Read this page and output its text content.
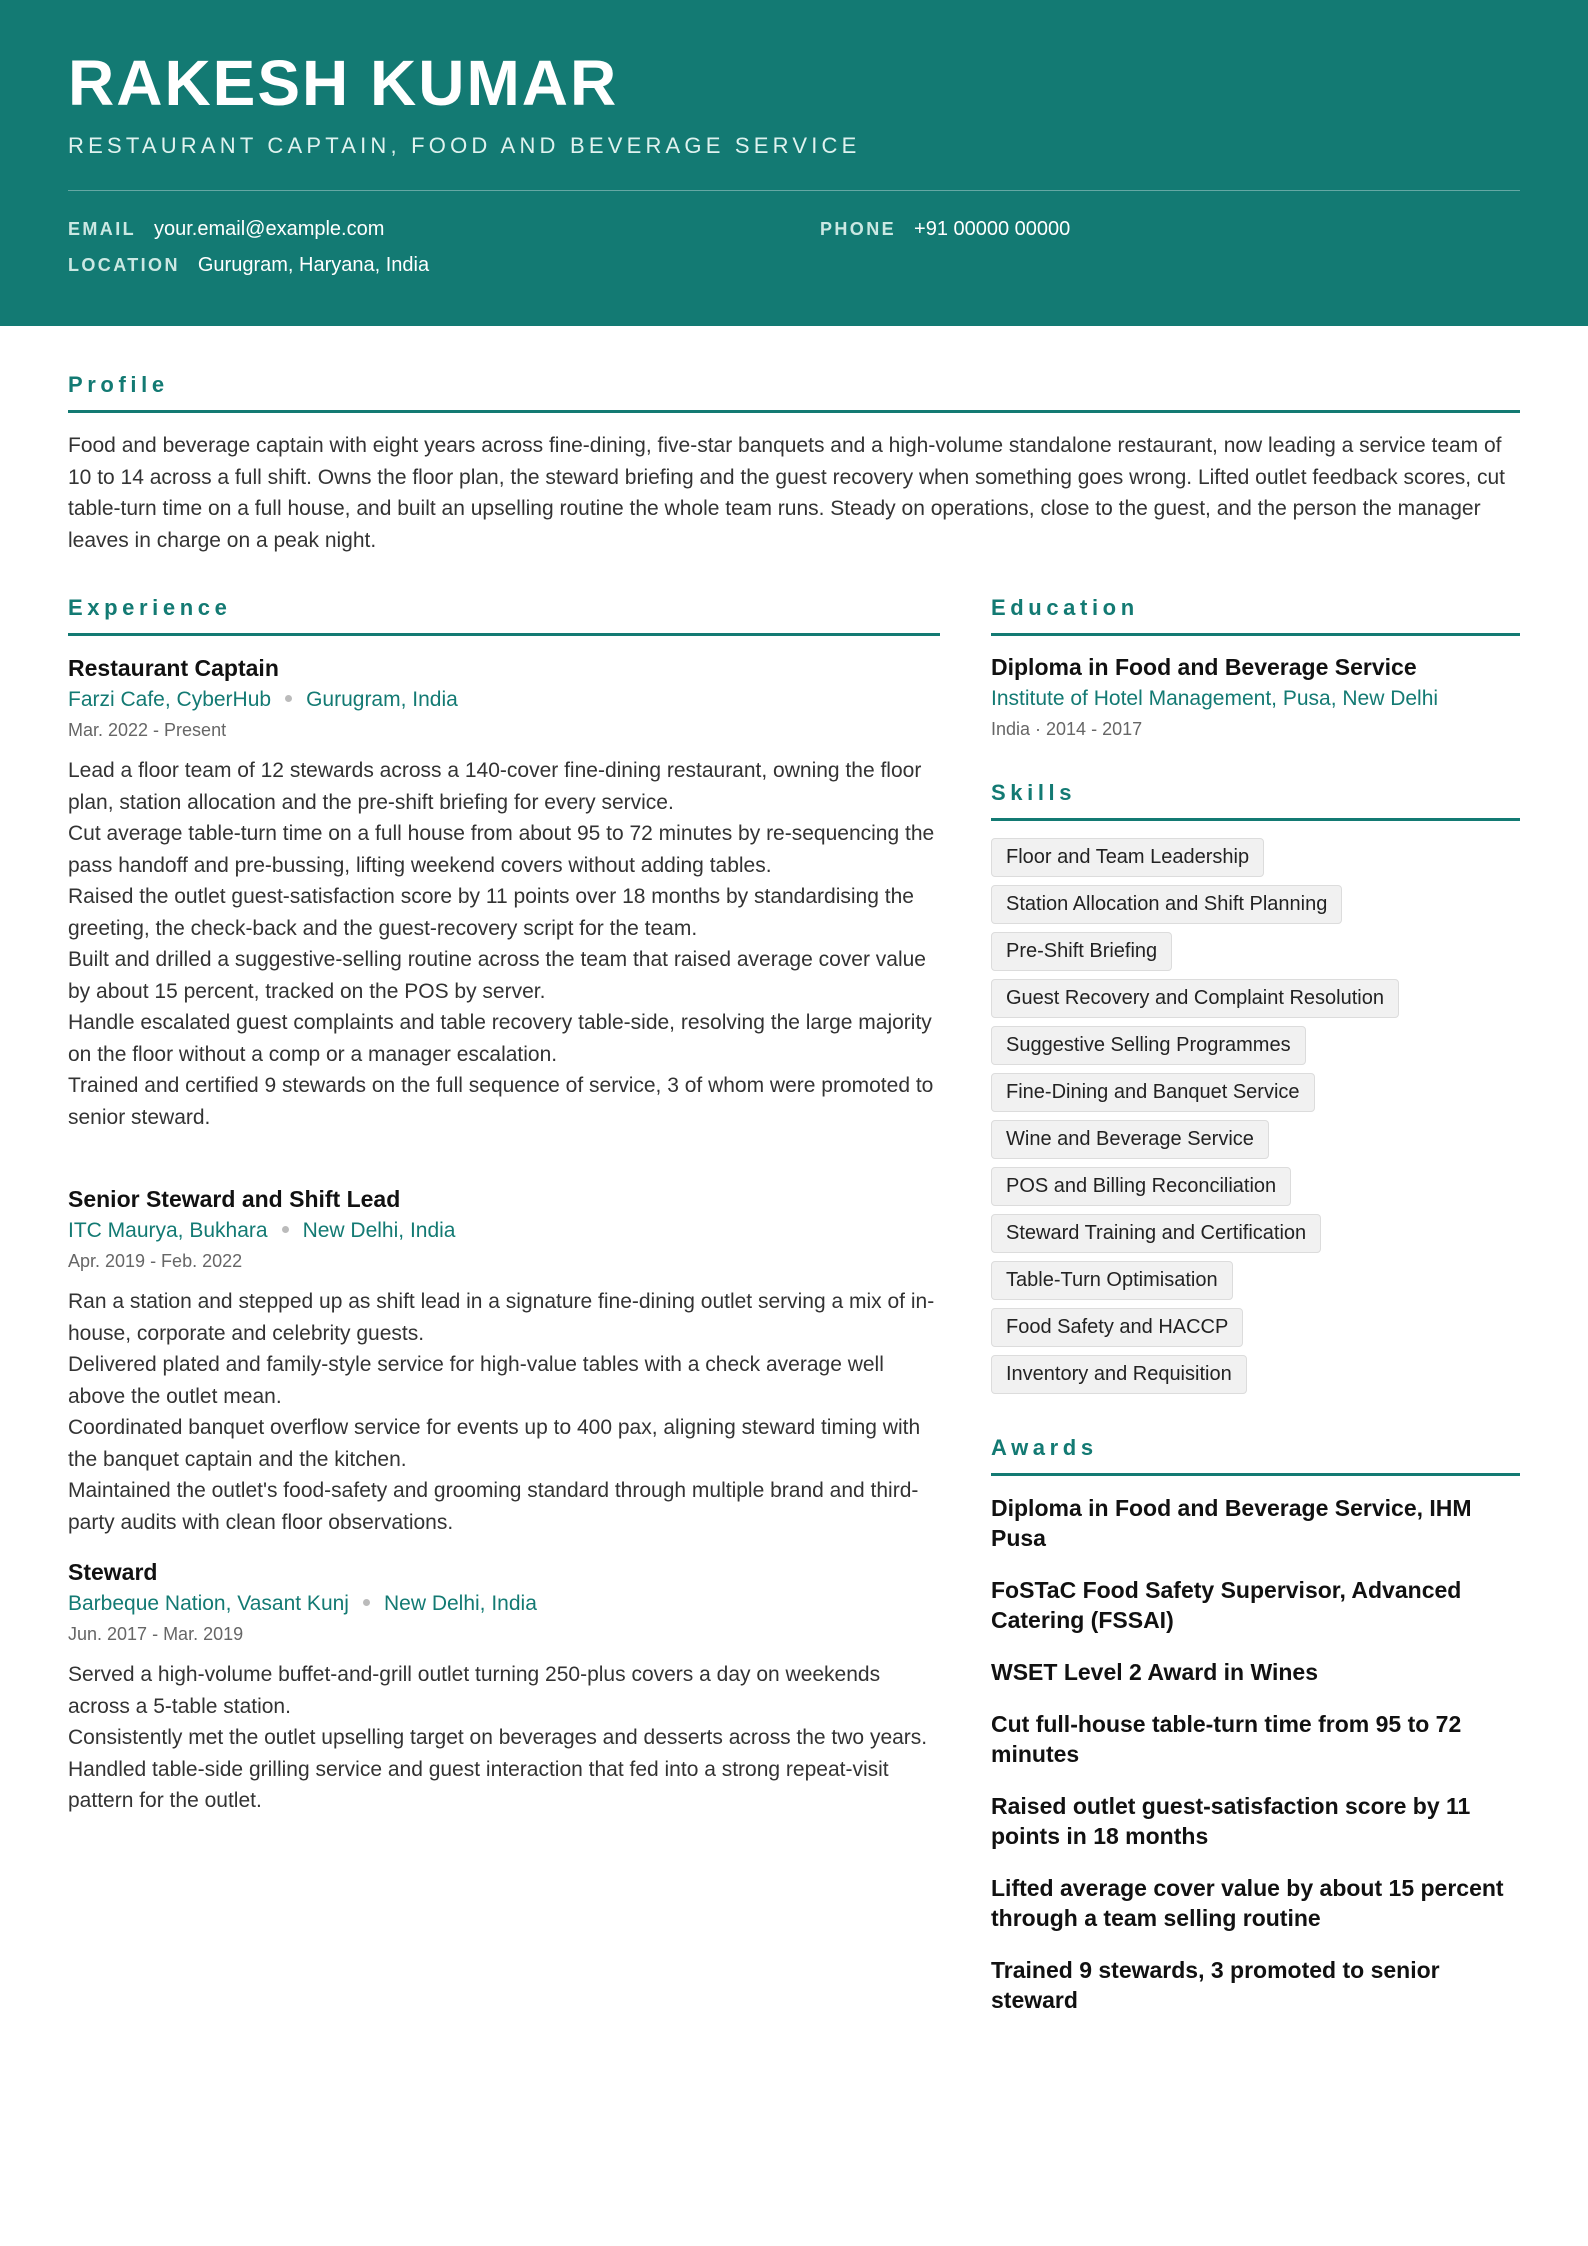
RAKESH KUMAR
RESTAURANT CAPTAIN, FOOD AND BEVERAGE SERVICE
EMAIL your.email@example.com	PHONE +91 00000 00000
LOCATION Gurugram, Haryana, India
Profile
Food and beverage captain with eight years across fine-dining, five-star banquets and a high-volume standalone restaurant, now leading a service team of 10 to 14 across a full shift. Owns the floor plan, the steward briefing and the guest recovery when something goes wrong. Lifted outlet feedback scores, cut table-turn time on a full house, and built an upselling routine the whole team runs. Steady on operations, close to the guest, and the person the manager leaves in charge on a peak night.
Experience
Restaurant Captain
Farzi Cafe, CyberHub Gurugram, India
Mar. 2022 - Present
Lead a floor team of 12 stewards across a 140-cover fine-dining restaurant, owning the floor plan, station allocation and the pre-shift briefing for every service.
Cut average table-turn time on a full house from about 95 to 72 minutes by re-sequencing the pass handoff and pre-bussing, lifting weekend covers without adding tables.
Raised the outlet guest-satisfaction score by 11 points over 18 months by standardising the greeting, the check-back and the guest-recovery script for the team.
Built and drilled a suggestive-selling routine across the team that raised average cover value by about 15 percent, tracked on the POS by server.
Handle escalated guest complaints and table recovery table-side, resolving the large majority on the floor without a comp or a manager escalation.
Trained and certified 9 stewards on the full sequence of service, 3 of whom were promoted to senior steward.
Senior Steward and Shift Lead
ITC Maurya, Bukhara New Delhi, India
Apr. 2019 - Feb. 2022
Ran a station and stepped up as shift lead in a signature fine-dining outlet serving a mix of in-house, corporate and celebrity guests.
Delivered plated and family-style service for high-value tables with a check average well above the outlet mean.
Coordinated banquet overflow service for events up to 400 pax, aligning steward timing with the banquet captain and the kitchen.
Maintained the outlet's food-safety and grooming standard through multiple brand and third-party audits with clean floor observations.
Steward
Barbeque Nation, Vasant Kunj New Delhi, India
Jun. 2017 - Mar. 2019
Served a high-volume buffet-and-grill outlet turning 250-plus covers a day on weekends across a 5-table station.
Consistently met the outlet upselling target on beverages and desserts across the two years.
Handled table-side grilling service and guest interaction that fed into a strong repeat-visit pattern for the outlet.
Education
Diploma in Food and Beverage Service
Institute of Hotel Management, Pusa, New Delhi
India · 2014 - 2017
Skills
Floor and Team Leadership
Station Allocation and Shift Planning
Pre-Shift Briefing
Guest Recovery and Complaint Resolution
Suggestive Selling Programmes
Fine-Dining and Banquet Service
Wine and Beverage Service
POS and Billing Reconciliation
Steward Training and Certification
Table-Turn Optimisation
Food Safety and HACCP
Inventory and Requisition
Awards
Diploma in Food and Beverage Service, IHM Pusa
FoSTaC Food Safety Supervisor, Advanced Catering (FSSAI)
WSET Level 2 Award in Wines
Cut full-house table-turn time from 95 to 72 minutes
Raised outlet guest-satisfaction score by 11 points in 18 months
Lifted average cover value by about 15 percent through a team selling routine
Trained 9 stewards, 3 promoted to senior steward
